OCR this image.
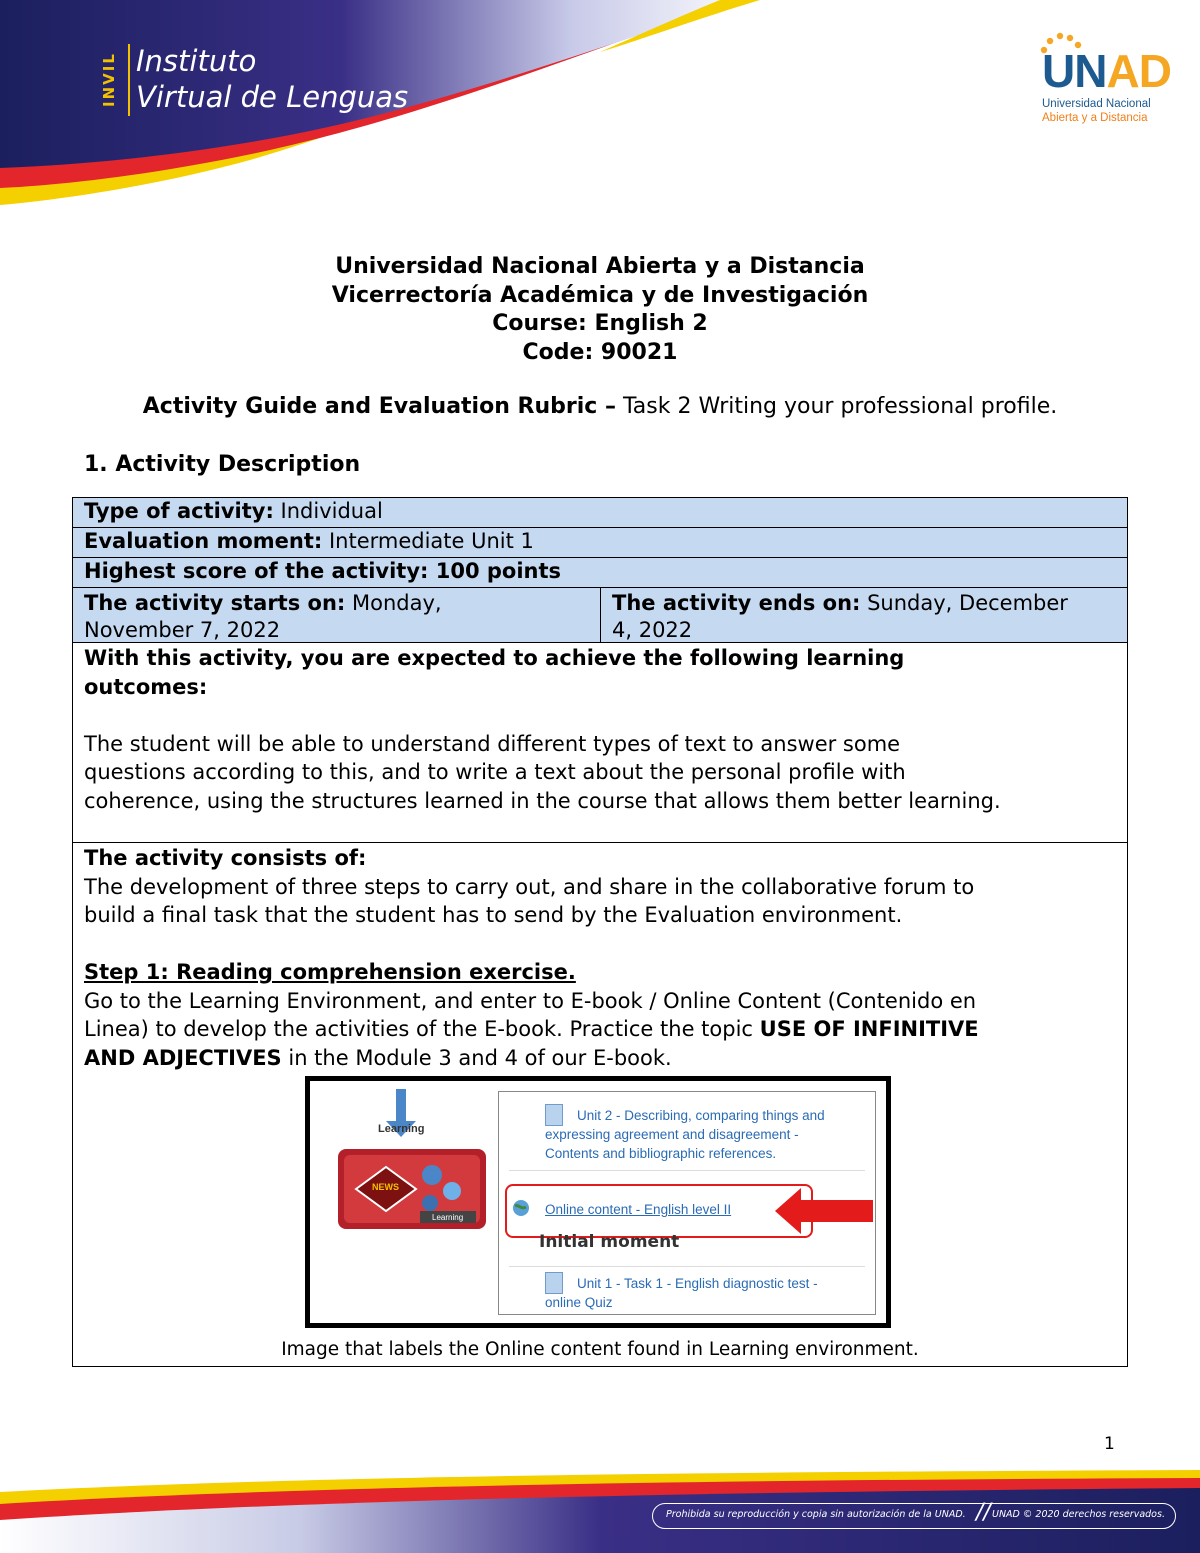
INVIL Instituto
Virtual de Lenguas	UNAD
Universidad Nacional
Abierta y a Distancia
Universidad Nacional Abierta y a Distancia
Vicerrectoría Académica y de Investigación
Course: English 2
Code: 90021
Activity Guide and Evaluation Rubric – Task 2 Writing your professional profile.
1. Activity Description
Type of activity: Individual
Evaluation moment: Intermediate Unit 1
Highest score of the activity: 100 points
The activity starts on: Monday,
November 7, 2022
The activity ends on: Sunday, December
4, 2022
With this activity, you are expected to achieve the following learning
outcomes:
The student will be able to understand different types of text to answer some
questions according to this, and to write a text about the personal profile with
coherence, using the structures learned in the course that allows them better learning.
The activity consists of:
The development of three steps to carry out, and share in the collaborative forum to
build a final task that the student has to send by the Evaluation environment.
Step 1: Reading comprehension exercise.
Go to the Learning Environment, and enter to E-book / Online Content (Contenido en
Linea) to develop the activities of the E-book. Practice the topic USE OF INFINITIVE
AND ADJECTIVES in the Module 3 and 4 of our E-book.
Learning
NEWS
Learning
Unit 2 - Describing, comparing things and
expressing agreement and disagreement -
Contents and bibliographic references.
Online content - English level II
Initial moment
Unit 1 - Task 1 - English diagnostic test -
online Quiz
Image that labels the Online content found in Learning environment.
1
Prohibida su reproducción y copia sin autorización de la UNAD. // UNAD © 2020 derechos reservados.
